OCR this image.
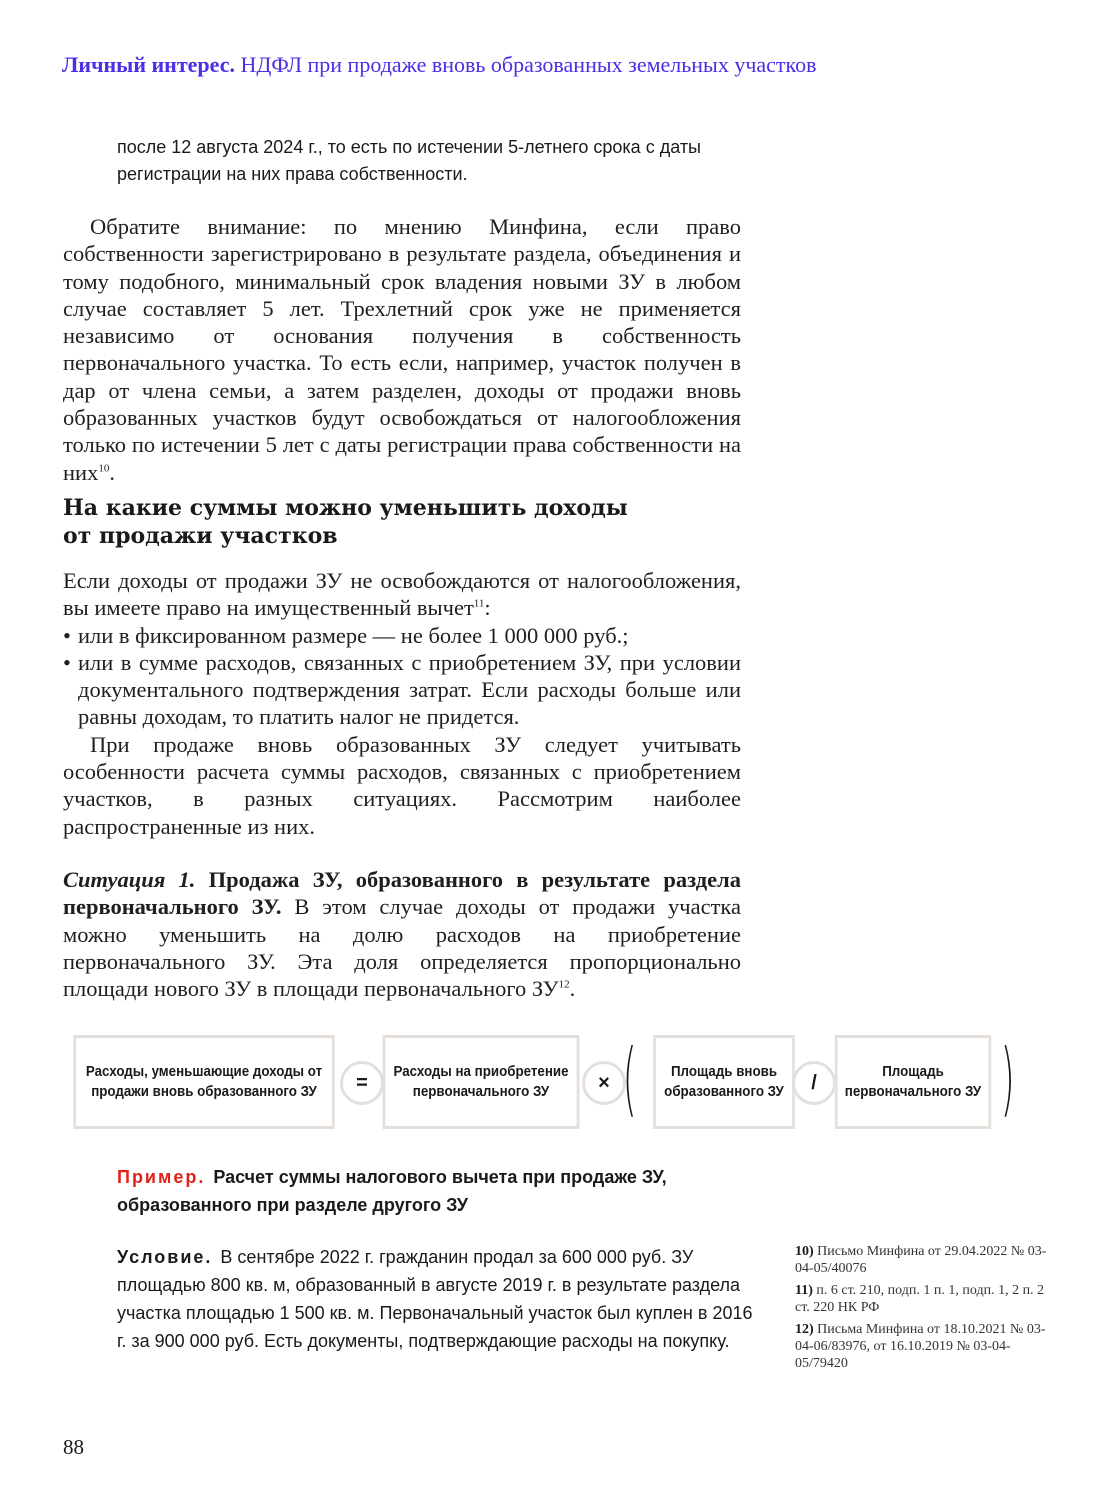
Личный интерес. НДФЛ при продаже вновь образованных земельных участков
после 12 августа 2024 г., то есть по истечении 5-летнего срока с даты регистрации на них права собственности.

Обратите внимание: по мнению Минфина, если право собственности зарегистрировано в результате раздела, объединения и тому подобного, минимальный срок владения новыми ЗУ в любом случае составляет 5 лет. Трехлетний срок уже не применяется независимо от основания получения в собственность первоначального участка. То есть если, например, участок получен в дар от члена семьи, а затем разделен, доходы от продажи вновь образованных участков будут освобождаться от налогообложения только по истечении 5 лет с даты регистрации права собственности на них$^{10}$.

На какие суммы можно уменьшить доходы
от продажи участков

Если доходы от продажи ЗУ не освобождаются от налогообложения, вы имеете право на имущественный вычет$^{11}$:

• или в фиксированном размере — не более 1 000 000 руб.;
• или в сумме расходов, связанных с приобретением ЗУ, при условии документального подтверждения затрат. Если расходы больше или равны доходам, то платить налог не придется.

При продаже вновь образованных ЗУ следует учитывать особенности расчета суммы расходов, связанных с приобретением участков, в разных ситуациях. Рассмотрим наиболее распространенные из них.

Ситуация 1. Продажа ЗУ, образованного в результате раздела первоначального ЗУ. В этом случае доходы от продажи участка можно уменьшить на долю расходов на приобретение первоначального ЗУ. Эта доля определяется пропорционально площади нового ЗУ в площади первоначального ЗУ$^{12}$.

Расходы, уменьшающие доходы от продажи вновь образованного ЗУ	=	Расходы на приобретение первоначального ЗУ	× (	Площадь вновь образованного ЗУ	/	Площадь первоначального ЗУ )
Пример. Расчет суммы налогового вычета при продаже ЗУ, образованного при разделе другого ЗУ
Условие. В сентябре 2022 г. гражданин продал за 600 000 руб. ЗУ площадью 800 кв. м, образованный в августе 2019 г. в результате раздела участка площадью 1 500 кв. м. Первоначальный участок был куплен в 2016 г. за 900 000 руб. Есть документы, подтверждающие расходы на покупку.
10) Письмо Минфина от 29.04.2022 № 03-04-05/40076
11) п. 6 ст. 210, подп. 1 п. 1, подп. 1, 2 п. 2 ст. 220 НК РФ
12) Письма Минфина от 18.10.2021 № 03-04-06/83976, от 16.10.2019 № 03-04-05/79420
88
